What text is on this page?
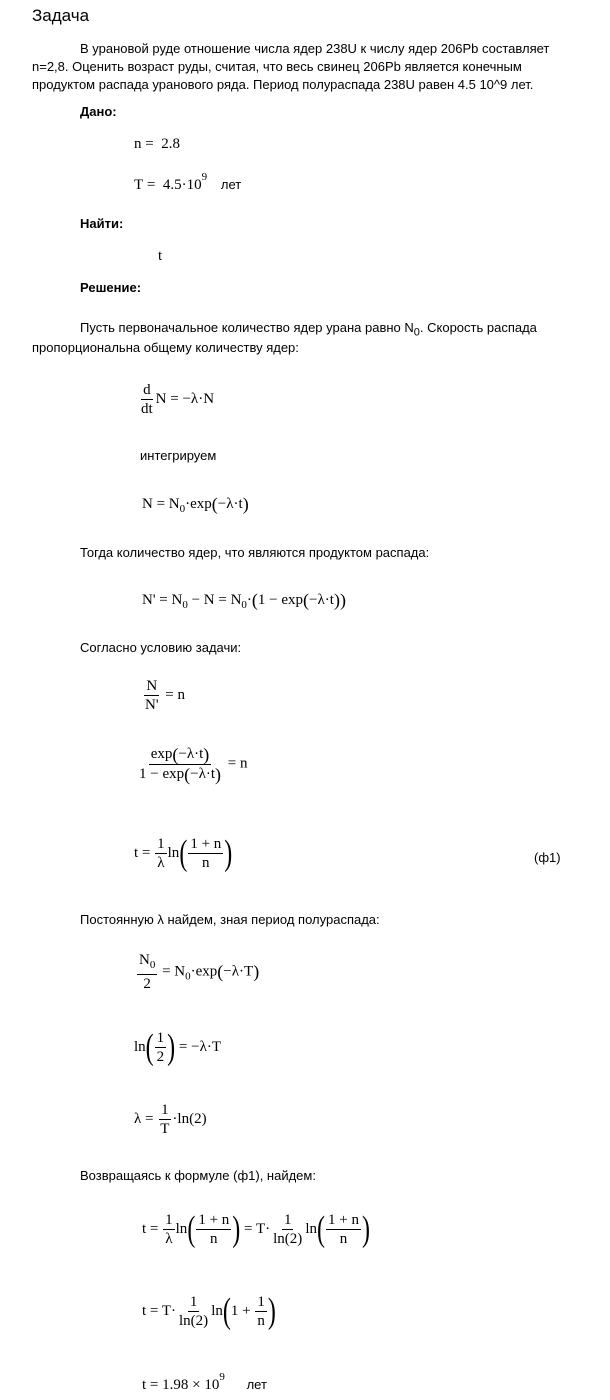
Задача
В урановой руде отношение числа ядер 238U к числу ядер 206Pb составляет n=2,8. Оценить возраст руды, считая, что весь свинец 206Pb является конечным продуктом распада уранового ряда. Период полураспада 238U равен 4.5 10^9 лет.
Дано:
n =  2.8
$T = 4.5\cdot 10^9$ лет
Найти:
t
Решение:
Пусть первоначальное количество ядер урана равно $N_0$. Скорость распада
пропорциональна общему количеству ядер:
$\frac{d}{dt}$ N = −λ·N
интегрируем
$N = N_0\cdot\exp(-\lambda\cdot t)$
Тогда количество ядер, что являются продуктом распада:
$N' = N_0 - N = N_0\cdot(1 - \exp(-\lambda\cdot t))$
Согласно условию задачи:
$\frac{N}{N'} = n$
$\frac{\exp(-\lambda\cdot t)}{1 - \exp(-\lambda\cdot t)} = n$
$t = \frac{1}{\lambda} \ln( \frac{1 + n}{n}$ )	(ф1)
Постоянную λ найдем, зная период полураспада:
$\frac{N_0}{2} = N_0\cdot\exp(-\lambda\cdot T)$
$\ln( \frac{1}{2}$ ) = −λ·T
$\lambda = \frac{1}{T} \cdot\ln(2)$
Возвращаясь к формуле (ф1), найдем:
$t = \frac{1}{\lambda} \ln( \frac{1 + n}{n}$ ) = $T\cdot \frac{1}{\ln(2)} \ln( \frac{1 + n}{n}$ )
$t = T\cdot \frac{1}{\ln(2)} \ln(1 + \frac{1}{n}$ )
$t = 1.98 \times 10^9$ лет
